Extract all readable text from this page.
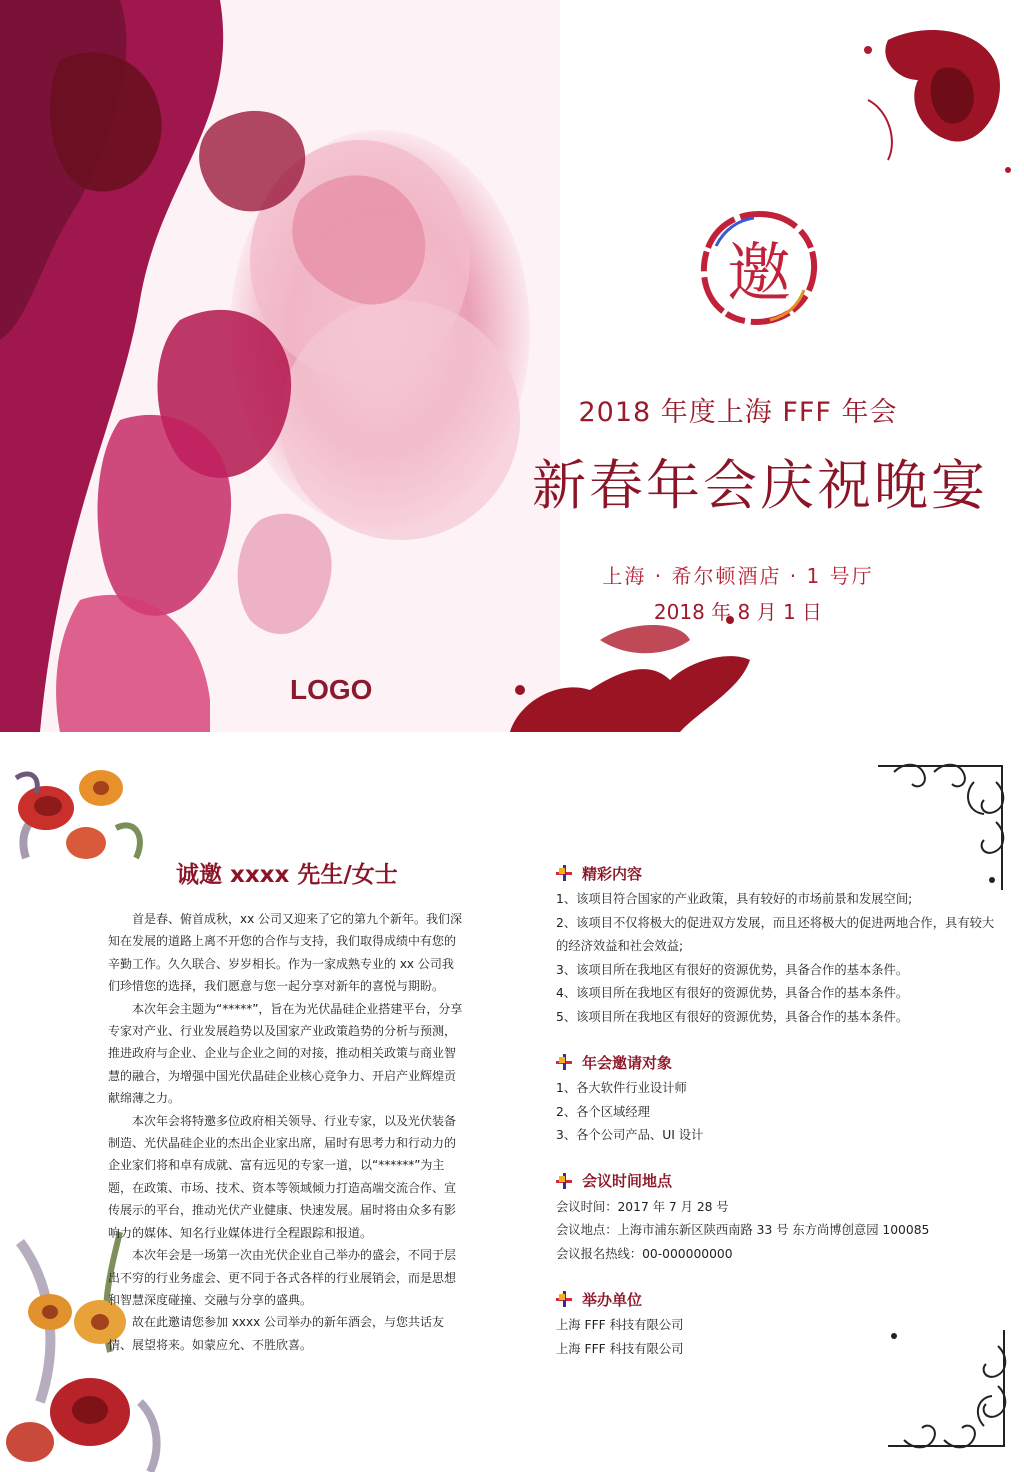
邀
2018 年度上海 FFF 年会
新春年会庆祝晚宴
上海 · 希尔顿酒店 · 1 号厅
2018 年 8 月 1 日
LOGO
诚邀 xxxx 先生/女士

首是春、俯首成秋，xx 公司又迎来了它的第九个新年。我们深知在发展的道路上离不开您的合作与支持，我们取得成绩中有您的辛勤工作。久久联合、岁岁相长。作为一家成熟专业的 xx 公司我们珍惜您的选择，我们愿意与您一起分享对新年的喜悦与期盼。

本次年会主题为“*****”，旨在为光伏晶硅企业搭建平台，分享专家对产业、行业发展趋势以及国家产业政策趋势的分析与预测，推进政府与企业、企业与企业之间的对接，推动相关政策与商业智慧的融合，为增强中国光伏晶硅企业核心竞争力、开启产业辉煌贡献绵薄之力。

本次年会将特邀多位政府相关领导、行业专家，以及光伏装备制造、光伏晶硅企业的杰出企业家出席，届时有思考力和行动力的企业家们将和卓有成就、富有远见的专家一道，以“******”为主题，在政策、市场、技术、资本等领域倾力打造高端交流合作、宣传展示的平台，推动光伏产业健康、快速发展。届时将由众多有影响力的媒体、知名行业媒体进行全程跟踪和报道。

本次年会是一场第一次由光伏企业自己举办的盛会，不同于层出不穷的行业务虚会、更不同于各式各样的行业展销会，而是思想和智慧深度碰撞、交融与分享的盛典。

故在此邀请您参加 xxxx 公司举办的新年酒会，与您共话友情、展望将来。如蒙应允、不胜欣喜。

精彩内容
1、该项目符合国家的产业政策，具有较好的市场前景和发展空间;
2、该项目不仅将极大的促进双方发展，而且还将极大的促进两地合作，具有较大的经济效益和社会效益;
3、该项目所在我地区有很好的资源优势，具备合作的基本条件。
4、该项目所在我地区有很好的资源优势，具备合作的基本条件。
5、该项目所在我地区有很好的资源优势，具备合作的基本条件。
年会邀请对象
1、各大软件行业设计师
2、各个区域经理
3、各个公司产品、UI 设计
会议时间地点
会议时间：2017 年 7 月 28 号
会议地点：上海市浦东新区陕西南路 33 号 东方尚博创意园 100085
会议报名热线：00-000000000
举办单位
上海 FFF 科技有限公司
上海 FFF 科技有限公司
